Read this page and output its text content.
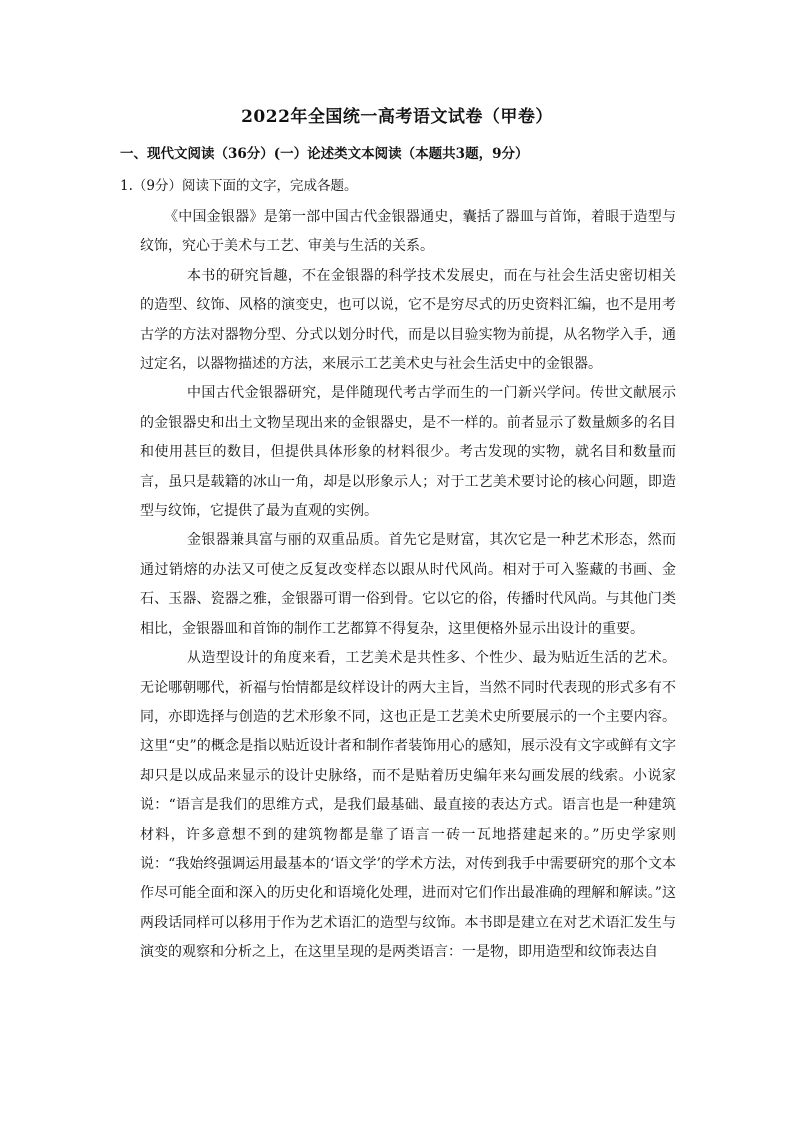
2022年全国统一高考语文试卷（甲卷）

一、现代文阅读（36分）(一）论述类文本阅读（本题共3题，9分）

1.（9分）阅读下面的文字，完成各题。

《中国金银器》是第一部中国古代金银器通史，囊括了器皿与首饰，着眼于造型与纹饰，究心于美术与工艺、审美与生活的关系。

本书的研究旨趣，不在金银器的科学技术发展史，而在与社会生活史密切相关的造型、纹饰、风格的演变史，也可以说，它不是穷尽式的历史资料汇编，也不是用考古学的方法对器物分型、分式以划分时代，而是以目验实物为前提，从名物学入手，通过定名，以器物描述的方法，来展示工艺美术史与社会生活史中的金银器。

中国古代金银器研究，是伴随现代考古学而生的一门新兴学问。传世文献展示的金银器史和出土文物呈现出来的金银器史，是不一样的。前者显示了数量颇多的名目和使用甚巨的数目，但提供具体形象的材料很少。考古发现的实物，就名目和数量而言，虽只是载籍的冰山一角，却是以形象示人；对于工艺美术要讨论的核心问题，即造型与纹饰，它提供了最为直观的实例。

金银器兼具富与丽的双重品质。首先它是财富，其次它是一种艺术形态，然而通过销熔的办法又可使之反复改变样态以跟从时代风尚。相对于可入鉴藏的书画、金石、玉器、瓷器之雅，金银器可谓一俗到骨。它以它的俗，传播时代风尚。与其他门类相比，金银器皿和首饰的制作工艺都算不得复杂，这里便格外显示出设计的重要。

从造型设计的角度来看，工艺美术是共性多、个性少、最为贴近生活的艺术。无论哪朝哪代，祈福与怡情都是纹样设计的两大主旨，当然不同时代表现的形式多有不同，亦即选择与创造的艺术形象不同，这也正是工艺美术史所要展示的一个主要内容。这里“史”的概念是指以贴近设计者和制作者装饰用心的感知，展示没有文字或鲜有文字却只是以成品来显示的设计史脉络，而不是贴着历史编年来勾画发展的线索。小说家说：“语言是我们的思维方式，是我们最基础、最直接的表达方式。语言也是一种建筑材料，许多意想不到的建筑物都是靠了语言一砖一瓦地搭建起来的。”历史学家则说：“我始终强调运用最基本的‘语文学’的学术方法，对传到我手中需要研究的那个文本作尽可能全面和深入的历史化和语境化处理，进而对它们作出最准确的理解和解读。”这两段话同样可以移用于作为艺术语汇的造型与纹饰。本书即是建立在对艺术语汇发生与演变的观察和分析之上，在这里呈现的是两类语言：一是物，即用造型和纹饰表达自
